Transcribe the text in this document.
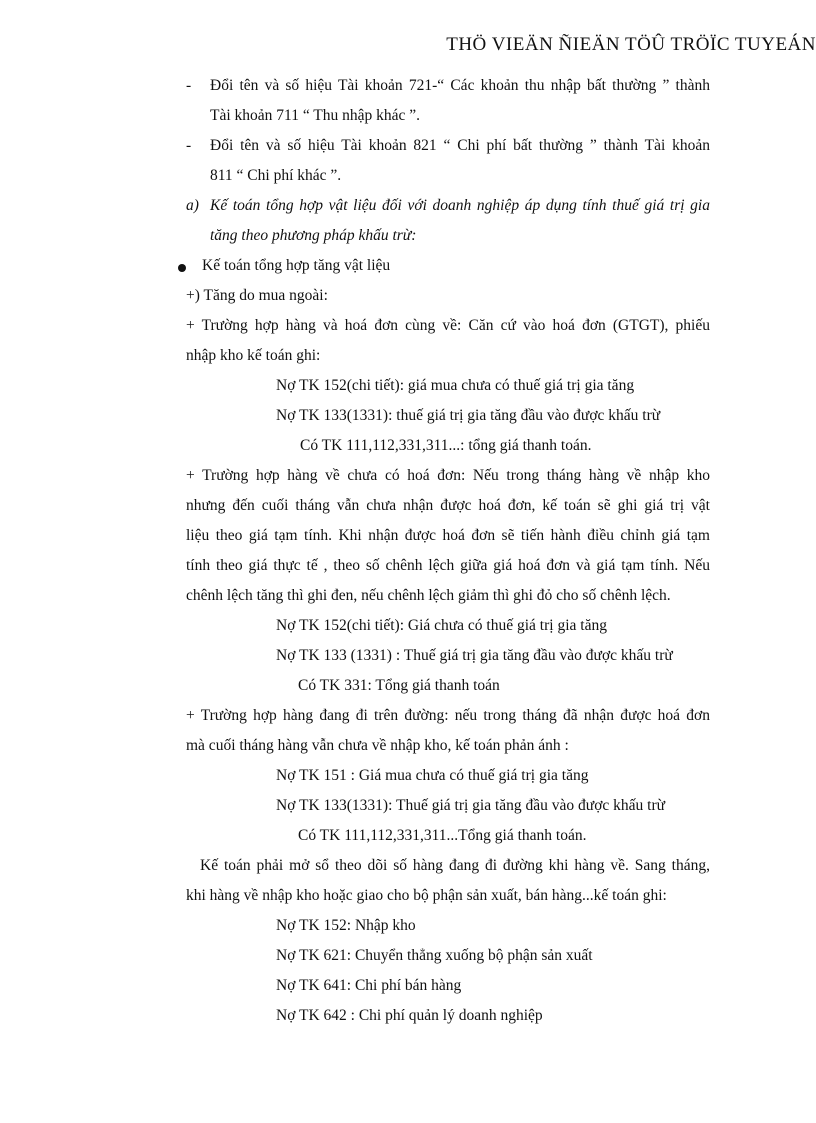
THÖ VIEÄN ÑIEÄN TÖÛ TRÖÏC TUYEÁN
- Đổi tên và số hiệu Tài khoản 721-“ Các khoản thu nhập bất thường ” thành
Tài khoản 711 “ Thu nhập khác ”.
- Đổi tên và số hiệu Tài khoản 821 “ Chi phí bất thường ” thành Tài khoản
811 “ Chi phí khác ”.
a) Kế toán tổng hợp vật liệu đối với doanh nghiệp áp dụng tính thuế giá trị gia
tăng theo phương pháp khấu trừ:
Kế toán tổng hợp tăng vật liệu
+) Tăng do mua ngoài:
+ Trường hợp hàng và hoá đơn cùng về: Căn cứ vào hoá đơn (GTGT), phiếu
nhập kho kế toán ghi:
Nợ TK 152(chi tiết): giá mua chưa có thuế giá trị gia tăng
Nợ TK 133(1331): thuế giá trị gia tăng đầu vào được khấu trừ
Có TK 111,112,331,311...: tổng giá thanh toán.
+ Trường hợp hàng về chưa có hoá đơn: Nếu trong tháng hàng về nhập kho
nhưng đến cuối tháng vẫn chưa nhận được hoá đơn, kế toán sẽ ghi giá trị vật
liệu theo giá tạm tính. Khi nhận được hoá đơn sẽ tiến hành điều chỉnh giá tạm
tính theo giá thực tế , theo số chênh lệch giữa giá hoá đơn và giá tạm tính. Nếu
chênh lệch tăng thì ghi đen, nếu chênh lệch giảm thì ghi đỏ cho số chênh lệch.
Nợ TK 152(chi tiết): Giá chưa có thuế giá trị gia tăng
Nợ TK 133 (1331) : Thuế giá trị gia tăng đầu vào được khấu trừ
Có TK 331: Tổng giá thanh toán
+ Trường hợp hàng đang đi trên đường: nếu trong tháng đã nhận được hoá đơn
mà cuối tháng hàng vẫn chưa về nhập kho, kế toán phản ánh :
Nợ TK 151 : Giá mua chưa có thuế giá trị gia tăng
Nợ TK 133(1331): Thuế giá trị gia tăng đầu vào được khấu trừ
Có TK 111,112,331,311...Tổng giá thanh toán.
Kế toán phải mở sổ theo dõi số hàng đang đi đường khi hàng về. Sang tháng,
khi hàng về nhập kho hoặc giao cho bộ phận sản xuất, bán hàng...kế toán ghi:
Nợ TK 152: Nhập kho
Nợ TK 621: Chuyển thẳng xuống bộ phận sản xuất
Nợ TK 641: Chi phí bán hàng
Nợ TK 642 : Chi phí quản lý doanh nghiệp
